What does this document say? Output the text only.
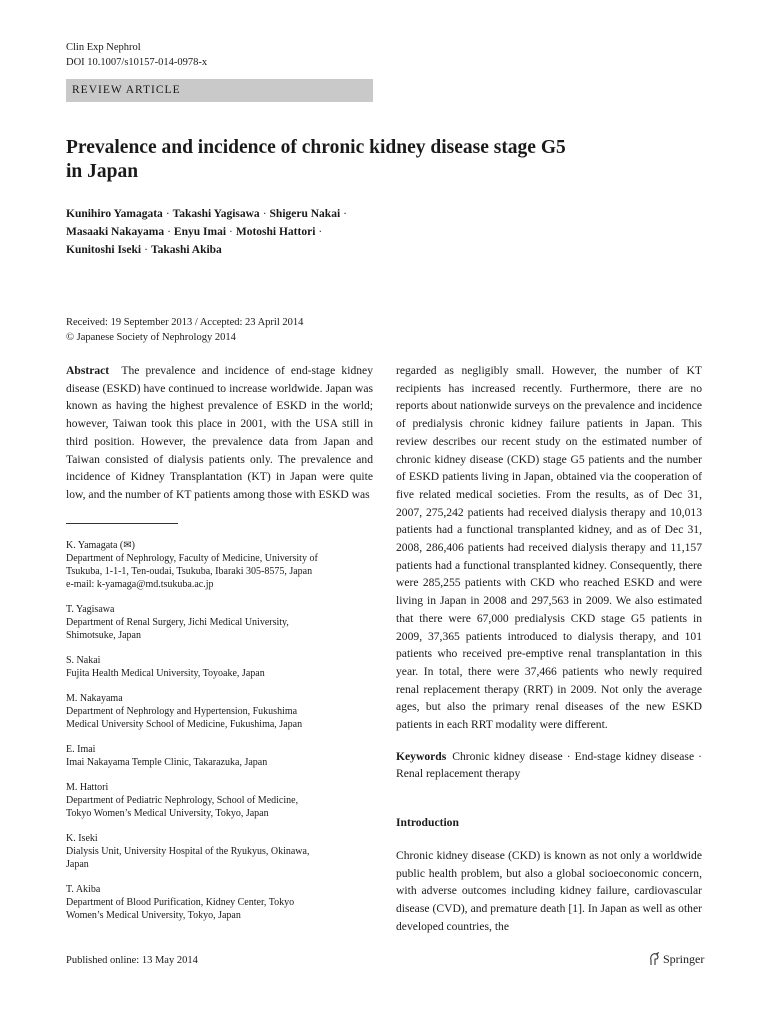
Clin Exp Nephrol
DOI 10.1007/s10157-014-0978-x
REVIEW ARTICLE
Prevalence and incidence of chronic kidney disease stage G5
in Japan
Kunihiro Yamagata · Takashi Yagisawa · Shigeru Nakai ·
Masaaki Nakayama · Enyu Imai · Motoshi Hattori ·
Kunitoshi Iseki · Takashi Akiba
Received: 19 September 2013 / Accepted: 23 April 2014
© Japanese Society of Nephrology 2014

Abstract The prevalence and incidence of end-stage kidney disease (ESKD) have continued to increase worldwide. Japan was known as having the highest prevalence of ESKD in the world; however, Taiwan took this place in 2001, with the USA still in third position. However, the prevalence data from Japan and Taiwan consisted of dialysis patients only. The prevalence and incidence of Kidney Transplantation (KT) in Japan were quite low, and the number of KT patients among those with ESKD was

K. Yamagata (✉)
Department of Nephrology, Faculty of Medicine, University of
Tsukuba, 1-1-1, Ten-oudai, Tsukuba, Ibaraki 305-8575, Japan
e-mail: k-yamaga@md.tsukuba.ac.jp
T. Yagisawa
Department of Renal Surgery, Jichi Medical University,
Shimotsuke, Japan
S. Nakai
Fujita Health Medical University, Toyoake, Japan
M. Nakayama
Department of Nephrology and Hypertension, Fukushima
Medical University School of Medicine, Fukushima, Japan
E. Imai
Imai Nakayama Temple Clinic, Takarazuka, Japan
M. Hattori
Department of Pediatric Nephrology, School of Medicine,
Tokyo Women’s Medical University, Tokyo, Japan
K. Iseki
Dialysis Unit, University Hospital of the Ryukyus, Okinawa,
Japan
T. Akiba
Department of Blood Purification, Kidney Center, Tokyo
Women’s Medical University, Tokyo, Japan

regarded as negligibly small. However, the number of KT recipients has increased recently. Furthermore, there are no reports about nationwide surveys on the prevalence and incidence of predialysis chronic kidney failure patients in Japan. This review describes our recent study on the estimated number of chronic kidney disease (CKD) stage G5 patients and the number of ESKD patients living in Japan, obtained via the cooperation of five related medical societies. From the results, as of Dec 31, 2007, 275,242 patients had received dialysis therapy and 10,013 patients had a functional transplanted kidney, and as of Dec 31, 2008, 286,406 patients had received dialysis therapy and 11,157 patients had a functional transplanted kidney. Consequently, there were 285,255 patients with CKD who reached ESKD and were living in Japan in 2008 and 297,563 in 2009. We also estimated that there were 67,000 predialysis CKD stage G5 patients in 2009, 37,365 patients introduced to dialysis therapy, and 101 patients who received pre-emptive renal transplantation in this year. In total, there were 37,466 patients who newly required renal replacement therapy (RRT) in 2009. Not only the average ages, but also the primary renal diseases of the new ESKD patients in each RRT modality were different.

Keywords Chronic kidney disease · End-stage kidney disease · Renal replacement therapy
Introduction

Chronic kidney disease (CKD) is known as not only a worldwide public health problem, but also a global socioeconomic concern, with adverse outcomes including kidney failure, cardiovascular disease (CVD), and premature death [1]. In Japan as well as other developed countries, the

Published online: 13 May 2014	Springer
